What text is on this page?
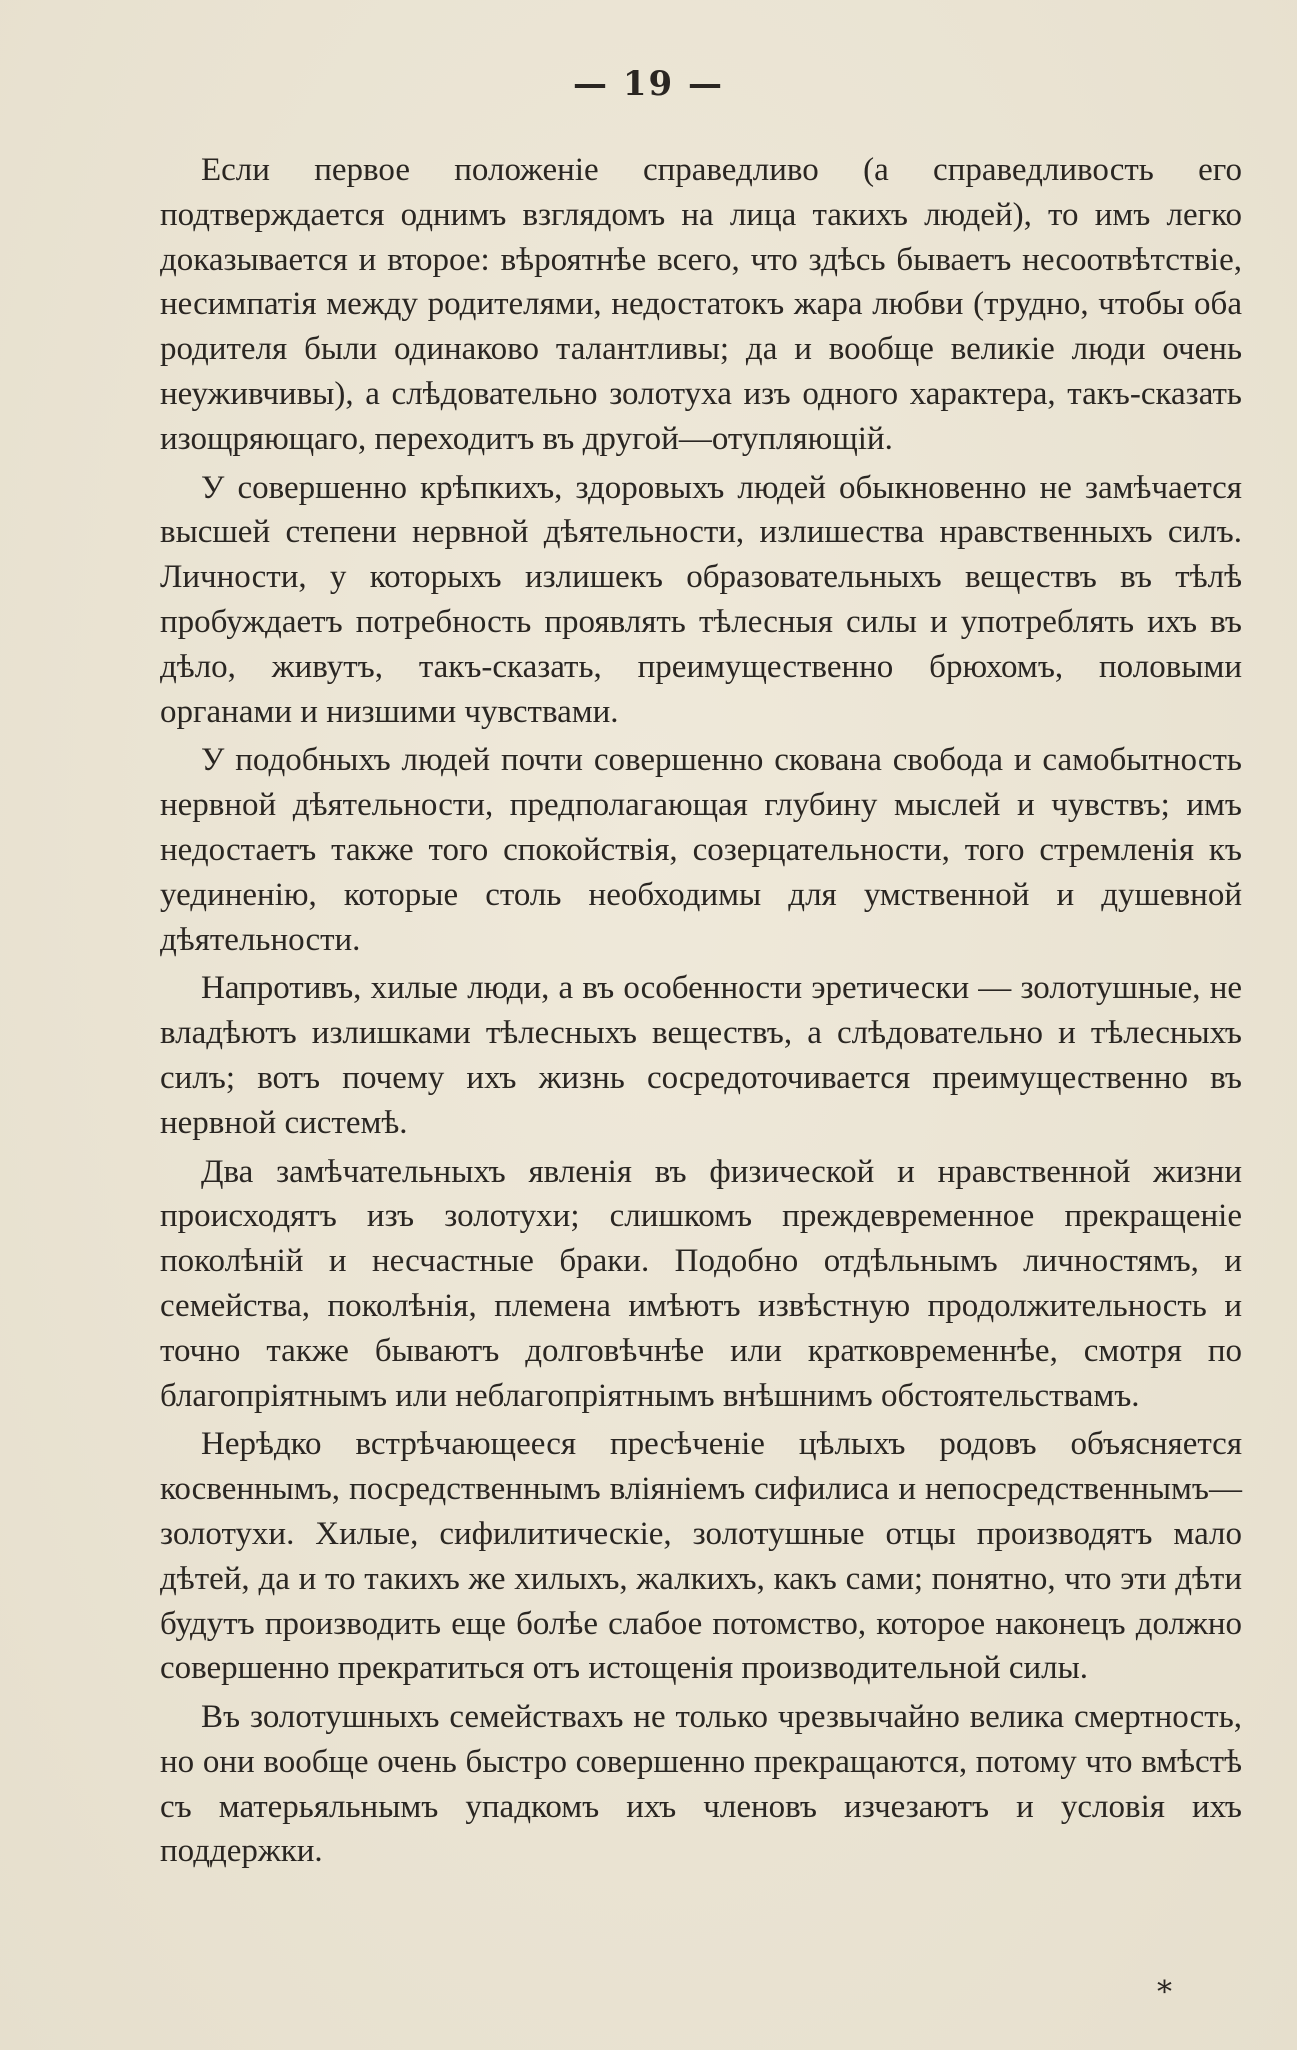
— 19 —

Если первое положеніе справедливо (а справедливость его подтверждается однимъ взглядомъ на лица такихъ людей), то имъ легко доказывается и второе: вѣроятнѣе всего, что здѣсь бываетъ несоотвѣтствіе, несимпатія между родителями, недостатокъ жара любви (трудно, чтобы оба родителя были одинаково талантливы; да и вообще великіе люди очень неуживчивы), а слѣдовательно золотуха изъ одного характера, такъ-сказать изощряющаго, переходитъ въ другой—отупляющій.

У совершенно крѣпкихъ, здоровыхъ людей обыкновенно не замѣчается высшей степени нервной дѣятельности, излишества нравственныхъ силъ. Личности, у которыхъ излишекъ образовательныхъ веществъ въ тѣлѣ пробуждаетъ потребность проявлять тѣлесныя силы и употреблять ихъ въ дѣло, живутъ, такъ-сказать, преимущественно брюхомъ, половыми органами и низшими чувствами.

У подобныхъ людей почти совершенно скована свобода и самобытность нервной дѣятельности, предполагающая глубину мыслей и чувствъ; имъ недостаетъ также того спокойствія, созерцательности, того стремленія къ уединенію, которые столь необходимы для умственной и душевной дѣятельности.

Напротивъ, хилые люди, а въ особенности эретически — золотушные, не владѣютъ излишками тѣлесныхъ веществъ, а слѣдовательно и тѣлесныхъ силъ; вотъ почему ихъ жизнь сосредоточивается преимущественно въ нервной системѣ.

Два замѣчательныхъ явленія въ физической и нравственной жизни происходятъ изъ золотухи; слишкомъ преждевременное прекращеніе поколѣній и несчастные браки. Подобно отдѣльнымъ личностямъ, и семейства, поколѣнія, племена имѣютъ извѣстную продолжительность и точно также бываютъ долговѣчнѣе или кратковременнѣе, смотря по благопріятнымъ или неблагопріятнымъ внѣшнимъ обстоятельствамъ.

Нерѣдко встрѣчающееся пресѣченіе цѣлыхъ родовъ объясняется косвеннымъ, посредственнымъ вліяніемъ сифилиса и непосредственнымъ—золотухи. Хилые, сифилитическіе, золотушные отцы производятъ мало дѣтей, да и то такихъ же хилыхъ, жалкихъ, какъ сами; понятно, что эти дѣти будутъ производить еще болѣе слабое потомство, которое наконецъ должно совершенно прекратиться отъ истощенія производительной силы.

Въ золотушныхъ семействахъ не только чрезвычайно велика смертность, но они вообще очень быстро совершенно прекращаются, потому что вмѣстѣ съ матерьяльнымъ упадкомъ ихъ членовъ изчезаютъ и условія ихъ поддержки.

*
